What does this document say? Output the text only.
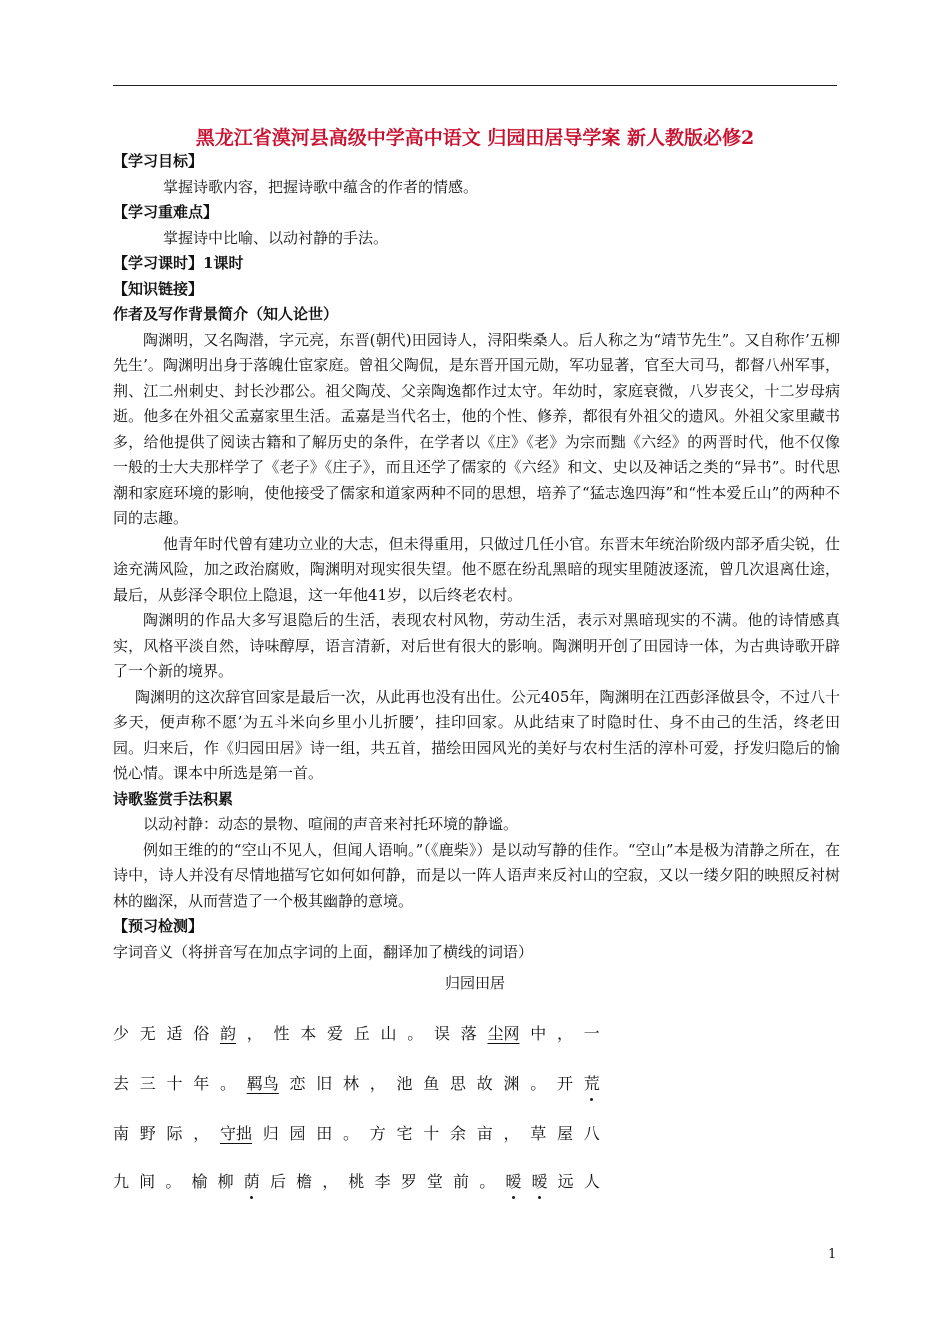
黑龙江省漠河县高级中学高中语文 归园田居导学案 新人教版必修2
【学习目标】

掌握诗歌内容，把握诗歌中蕴含的作者的情感。

【学习重难点】

掌握诗中比喻、以动衬静的手法。

【学习课时】1课时
【知识链接】
作者及写作背景简介（知人论世）

陶渊明，又名陶潜，字元亮，东晋(朝代)田园诗人，浔阳柴桑人。后人称之为“靖节先生”。又自称作’五柳先生’。陶渊明出身于落魄仕宦家庭。曾祖父陶侃，是东晋开国元勋，军功显著，官至大司马，都督八州军事，荆、江二州刺史、封长沙郡公。祖父陶茂、父亲陶逸都作过太守。年幼时，家庭衰微，八岁丧父，十二岁母病逝。他多在外祖父孟嘉家里生活。孟嘉是当代名士，他的个性、修养，都很有外祖父的遗风。外祖父家里藏书多，给他提供了阅读古籍和了解历史的条件，在学者以《庄》《老》为宗而黜《六经》的两晋时代，他不仅像一般的士大夫那样学了《老子》《庄子》，而且还学了儒家的《六经》和文、史以及神话之类的“异书”。时代思潮和家庭环境的影响，使他接受了儒家和道家两种不同的思想，培养了“猛志逸四海”和“性本爱丘山”的两种不同的志趣。

他青年时代曾有建功立业的大志，但未得重用，只做过几任小官。东晋末年统治阶级内部矛盾尖锐，仕途充满风险，加之政治腐败，陶渊明对现实很失望。他不愿在纷乱黑暗的现实里随波逐流，曾几次退离仕途，最后，从彭泽令职位上隐退，这一年他41岁，以后终老农村。

陶渊明的作品大多写退隐后的生活，表现农村风物，劳动生活，表示对黑暗现实的不满。他的诗情感真实，风格平淡自然，诗味醇厚，语言清新，对后世有很大的影响。陶渊明开创了田园诗一体，为古典诗歌开辟了一个新的境界。

陶渊明的这次辞官回家是最后一次，从此再也没有出仕。公元405年，陶渊明在江西彭泽做县令，不过八十多天，便声称不愿’为五斗米向乡里小儿折腰’，挂印回家。从此结束了时隐时仕、身不由己的生活，终老田园。归来后，作《归园田居》诗一组，共五首，描绘田园风光的美好与农村生活的淳朴可爱，抒发归隐后的愉悦心情。课本中所选是第一首。

诗歌鉴赏手法积累

以动衬静：动态的景物、喧闹的声音来衬托环境的静谧。

例如王维的的“空山不见人，但闻人语响。”（《鹿柴》）是以动写静的佳作。“空山”本是极为清静之所在，在诗中，诗人并没有尽情地描写它如何如何静，而是以一阵人语声来反衬山的空寂，又以一缕夕阳的映照反衬树林的幽深，从而营造了一个极其幽静的意境。

【预习检测】

字词音义（将拼音写在加点字词的上面，翻译加了横线的词语）

归园田居
少 无 适 俗 韵 ， 性 本 爱 丘 山 。 误 落 尘网 中 ， 一
去 三 十 年 。 羁鸟 恋 旧 林 ， 池 鱼 思 故 渊 。 开 荒
南 野 际 ， 守拙 归 园 田 。 方 宅 十 余 亩 ， 草 屋 八
九 间 。 榆 柳 荫 后 檐 ， 桃 李 罗 堂 前 。 暧 暧 远 人
1
